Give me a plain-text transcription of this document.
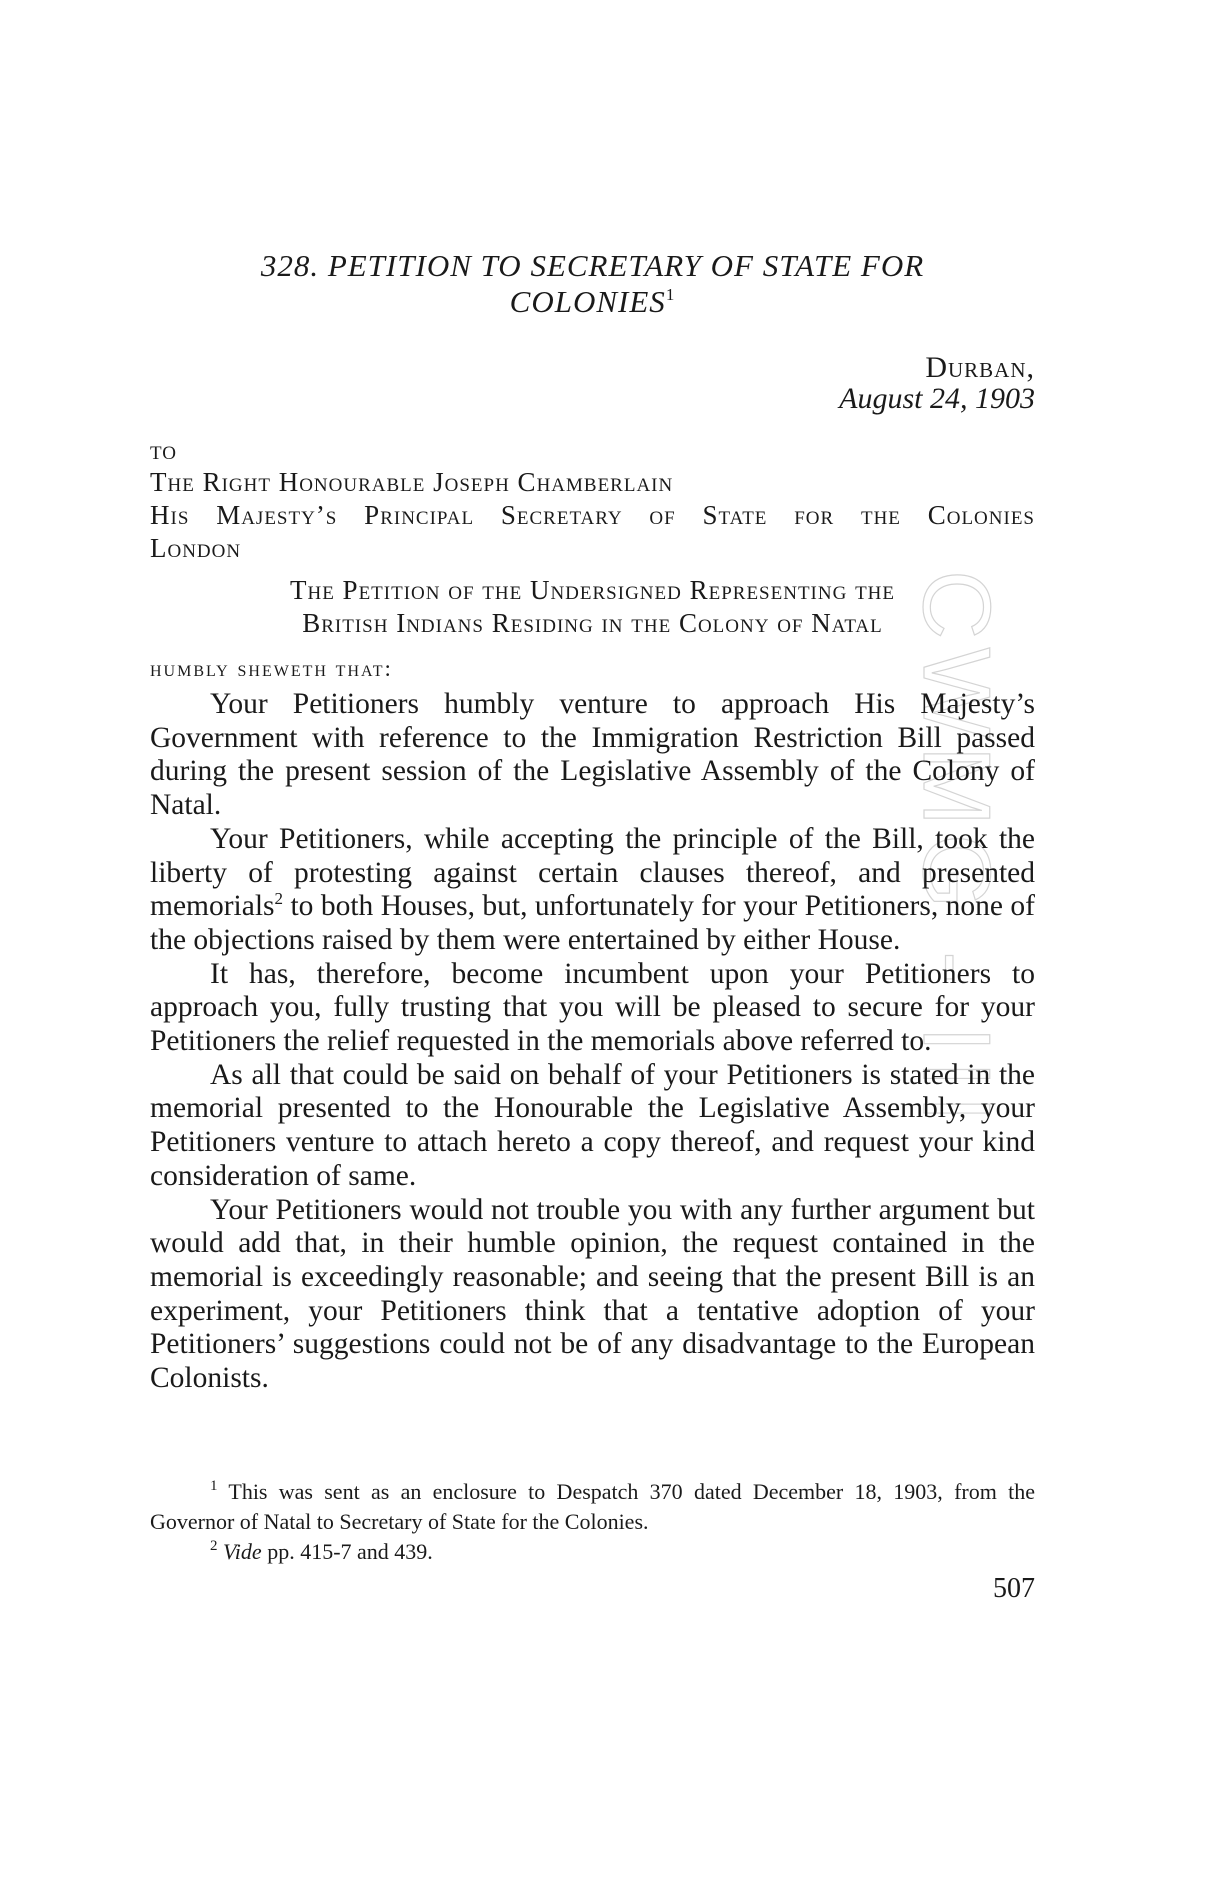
CWMG - III
328. PETITION TO SECRETARY OF STATE FOR
COLONIES$^1$
Durban,
August 24, 1903
to
The Right Honourable Joseph Chamberlain
His Majesty’s Principal Secretary of State for the Colonies
London
The Petition of the Undersigned Representing the
British Indians Residing in the Colony of Natal
humbly sheweth that:

Your Petitioners humbly venture to approach His Majesty’s Government with reference to the Immigration Restriction Bill passed during the present session of the Legislative Assembly of the Colony of Natal.

Your Petitioners, while accepting the principle of the Bill, took the liberty of protesting against certain clauses thereof, and presented memorials$^2$ to both Houses, but, unfortunately for your Petitioners, none of the objections raised by them were entertained by either House.

It has, therefore, become incumbent upon your Petitioners to approach you, fully trusting that you will be pleased to secure for your Petitioners the relief requested in the memorials above referred to.

As all that could be said on behalf of your Petitioners is stated in the memorial presented to the Honourable the Legislative Assembly, your Petitioners venture to attach hereto a copy thereof, and request your kind consideration of same.

Your Petitioners would not trouble you with any further argument but would add that, in their humble opinion, the request contained in the memorial is exceedingly reasonable; and seeing that the present Bill is an experiment, your Petitioners think that a tentative adoption of your Petitioners’ suggestions could not be of any disadvantage to the European Colonists.

$^1$ This was sent as an enclosure to Despatch 370 dated December 18, 1903, from the Governor of Natal to Secretary of State for the Colonies.

$^2$ Vide pp. 415-7 and 439.

507
